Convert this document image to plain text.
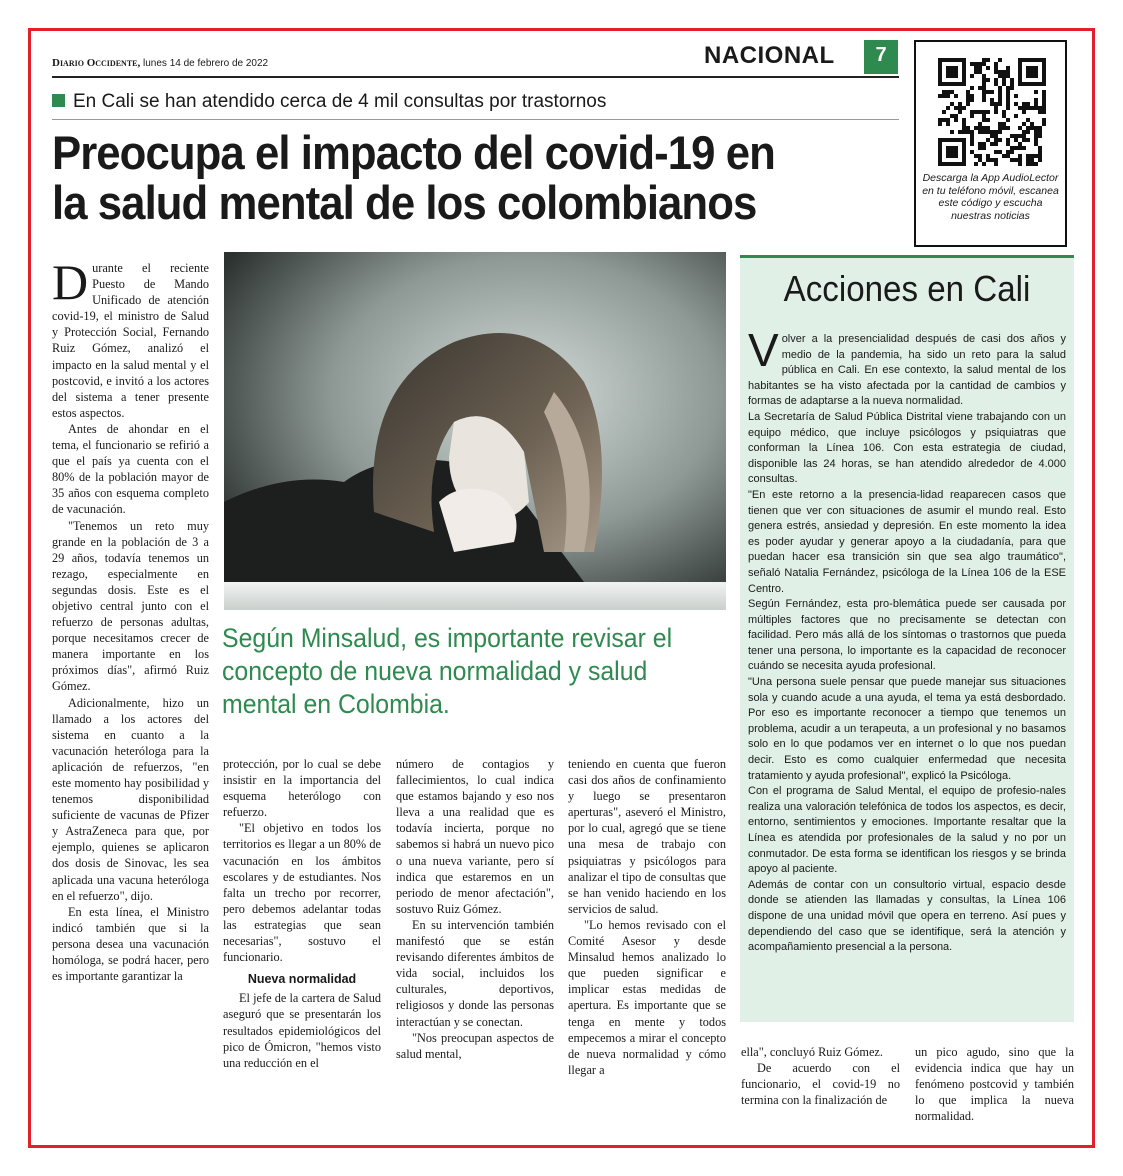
Diario Occidente, lunes 14 de febrero de 2022	NACIONAL	7
En Cali se han atendido cerca de 4 mil consultas por trastornos
Preocupa el impacto del covid-19 en
la salud mental de los colombianos	Descarga la App AudioLector en tu teléfono móvil, escanea este código y escucha nuestras noticias
Según Minsalud, es importante revisar el concepto de nueva normalidad y salud mental en Colombia.

Durante el reciente Puesto de Mando Unificado de atención covid-19, el ministro de Salud y Protección Social, Fernando Ruiz Gómez, analizó el impacto en la salud mental y el postcovid, e invitó a los actores del sistema a tener presente estos aspectos.

Antes de ahondar en el tema, el funcionario se refirió a que el país ya cuenta con el 80% de la población mayor de 35 años con esquema completo de vacunación.

"Tenemos un reto muy grande en la población de 3 a 29 años, todavía tenemos un rezago, especialmente en segundas dosis. Este es el objetivo central junto con el refuerzo de personas adultas, porque necesitamos crecer de manera importante en los próximos días", afirmó Ruiz Gómez.

Adicionalmente, hizo un llamado a los actores del sistema en cuanto a la vacunación heteróloga para la aplicación de refuerzos, "en este momento hay posibilidad y tenemos disponibilidad suficiente de vacunas de Pfizer y AstraZeneca para que, por ejemplo, quienes se aplicaron dos dosis de Sinovac, les sea aplicada una vacuna heteróloga en el refuerzo", dijo.

En esta línea, el Ministro indicó también que si la persona desea una vacunación homóloga, se podrá hacer, pero es importante garantizar la

protección, por lo cual se debe insistir en la importancia del esquema heterólogo con refuerzo.

"El objetivo en todos los territorios es llegar a un 80% de vacunación en los ámbitos escolares y de estudiantes. Nos falta un trecho por recorrer, pero debemos adelantar todas las estrategias que sean necesarias", sostuvo el funcionario.

Nueva normalidad

El jefe de la cartera de Salud aseguró que se presentarán los resultados epidemiológicos del pico de Ómicron, "hemos visto una reducción en el

número de contagios y fallecimientos, lo cual indica que estamos bajando y eso nos lleva a una realidad que es todavía incierta, porque no sabemos si habrá un nuevo pico o una nueva variante, pero sí indica que estaremos en un periodo de menor afectación", sostuvo Ruiz Gómez.

En su intervención también manifestó que se están revisando diferentes ámbitos de vida social, incluidos los culturales, deportivos, religiosos y donde las personas interactúan y se conectan.

"Nos preocupan aspectos de salud mental,

teniendo en cuenta que fueron casi dos años de confinamiento y luego se presentaron aperturas", aseveró el Ministro, por lo cual, agregó que se tiene una mesa de trabajo con psiquiatras y psicólogos para analizar el tipo de consultas que se han venido haciendo en los servicios de salud.

"Lo hemos revisado con el Comité Asesor y desde Minsalud hemos analizado lo que pueden significar e implicar estas medidas de apertura. Es importante que se tenga en mente y todos empecemos a mirar el concepto de nueva normalidad y cómo llegar a

ella", concluyó Ruiz Gómez.

De acuerdo con el funcionario, el covid-19 no termina con la finalización de

un pico agudo, sino que la evidencia indica que hay un fenómeno postcovid y también lo que implica la nueva normalidad.

Acciones en Cali

Volver a la presencialidad después de casi dos años y medio de la pandemia, ha sido un reto para la salud pública en Cali. En ese contexto, la salud mental de los habitantes se ha visto afectada por la cantidad de cambios y formas de adaptarse a la nueva normalidad.

La Secretaría de Salud Pública Distrital viene trabajando con un equipo médico, que incluye psicólogos y psiquiatras que conforman la Línea 106. Con esta estrategia de ciudad, disponible las 24 horas, se han atendido alrededor de 4.000 consultas.

"En este retorno a la presencia-lidad reaparecen casos que tienen que ver con situaciones de asumir el mundo real. Esto genera estrés, ansiedad y depresión. En este momento la idea es poder ayudar y generar apoyo a la ciudadanía, para que puedan hacer esa transición sin que sea algo traumático", señaló Natalia Fernández, psicóloga de la Línea 106 de la ESE Centro.

Según Fernández, esta pro-blemática puede ser causada por múltiples factores que no precisamente se detectan con facilidad. Pero más allá de los síntomas o trastornos que pueda tener una persona, lo importante es la capacidad de reconocer cuándo se necesita ayuda profesional.

"Una persona suele pensar que puede manejar sus situaciones sola y cuando acude a una ayuda, el tema ya está desbordado. Por eso es importante reconocer a tiempo que tenemos un problema, acudir a un terapeuta, a un profesional y no basamos solo en lo que podamos ver en internet o lo que nos puedan decir. Esto es como cualquier enfermedad que necesita tratamiento y ayuda profesional", explicó la Psicóloga.

Con el programa de Salud Mental, el equipo de profesio-nales realiza una valoración telefónica de todos los aspectos, es decir, entorno, sentimientos y emociones. Importante resaltar que la Línea es atendida por profesionales de la salud y no por un conmutador. De esta forma se identifican los riesgos y se brinda apoyo al paciente.

Además de contar con un consultorio virtual, espacio desde donde se atienden las llamadas y consultas, la Línea 106 dispone de una unidad móvil que opera en terreno. Así pues y dependiendo del caso que se identifique, será la atención y acompañamiento presencial a la persona.
